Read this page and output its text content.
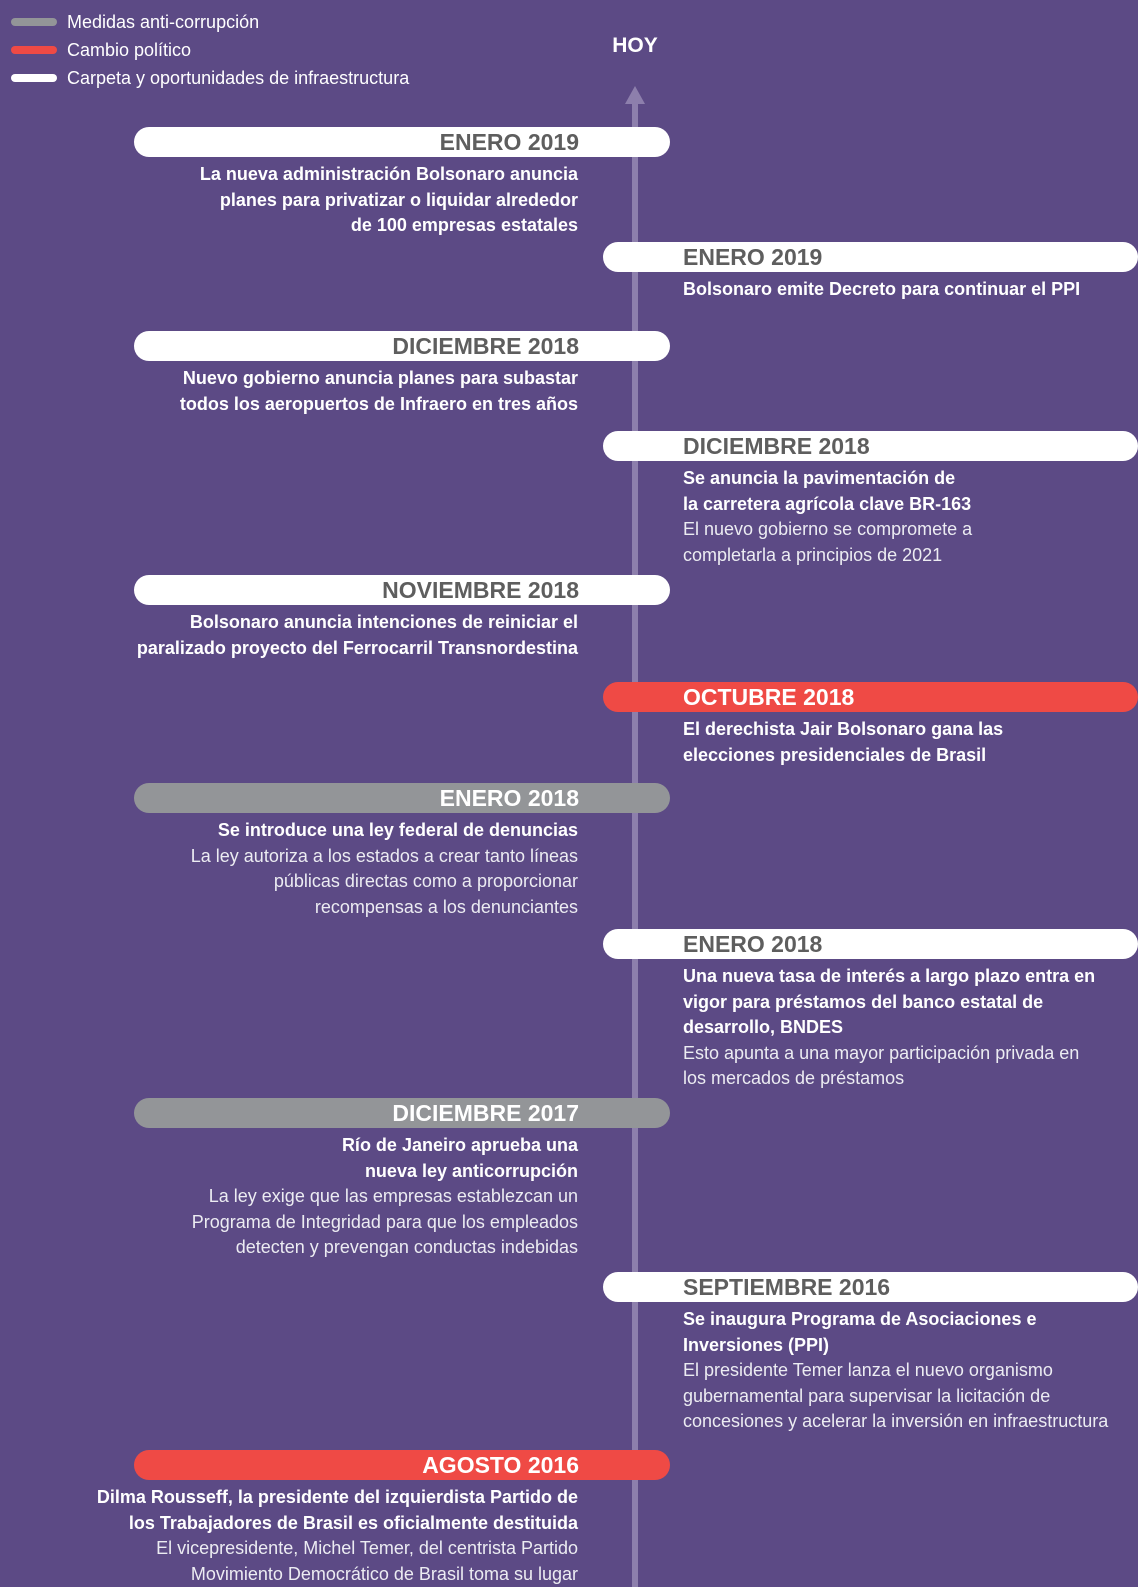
Medidas anti-corrupción
Cambio político
Carpeta y oportunidades de infraestructura
HOY
ENERO 2019
La nueva administración Bolsonaro anuncia
planes para privatizar o liquidar alrededor
de 100 empresas estatales
ENERO 2019
Bolsonaro emite Decreto para continuar el PPI
DICIEMBRE 2018
Nuevo gobierno anuncia planes para subastar
todos los aeropuertos de Infraero en tres años
DICIEMBRE 2018
Se anuncia la pavimentación de
la carretera agrícola clave BR-163
El nuevo gobierno se compromete a
completarla a principios de 2021
NOVIEMBRE 2018
Bolsonaro anuncia intenciones de reiniciar el
paralizado proyecto del Ferrocarril Transnordestina
OCTUBRE 2018
El derechista Jair Bolsonaro gana las
elecciones presidenciales de Brasil
ENERO 2018
Se introduce una ley federal de denuncias
La ley autoriza a los estados a crear tanto líneas
públicas directas como a proporcionar
recompensas a los denunciantes
ENERO 2018
Una nueva tasa de interés a largo plazo entra en
vigor para préstamos del banco estatal de
desarrollo, BNDES
Esto apunta a una mayor participación privada en
los mercados de préstamos
DICIEMBRE 2017
Río de Janeiro aprueba una
nueva ley anticorrupción
La ley exige que las empresas establezcan un
Programa de Integridad para que los empleados
detecten y prevengan conductas indebidas
SEPTIEMBRE 2016
Se inaugura Programa de Asociaciones e
Inversiones (PPI)
El presidente Temer lanza el nuevo organismo
gubernamental para supervisar la licitación de
concesiones y acelerar la inversión en infraestructura
AGOSTO 2016
Dilma Rousseff, la presidente del izquierdista Partido de
los Trabajadores de Brasil es oficialmente destituida
El vicepresidente, Michel Temer, del centrista Partido
Movimiento Democrático de Brasil toma su lugar
